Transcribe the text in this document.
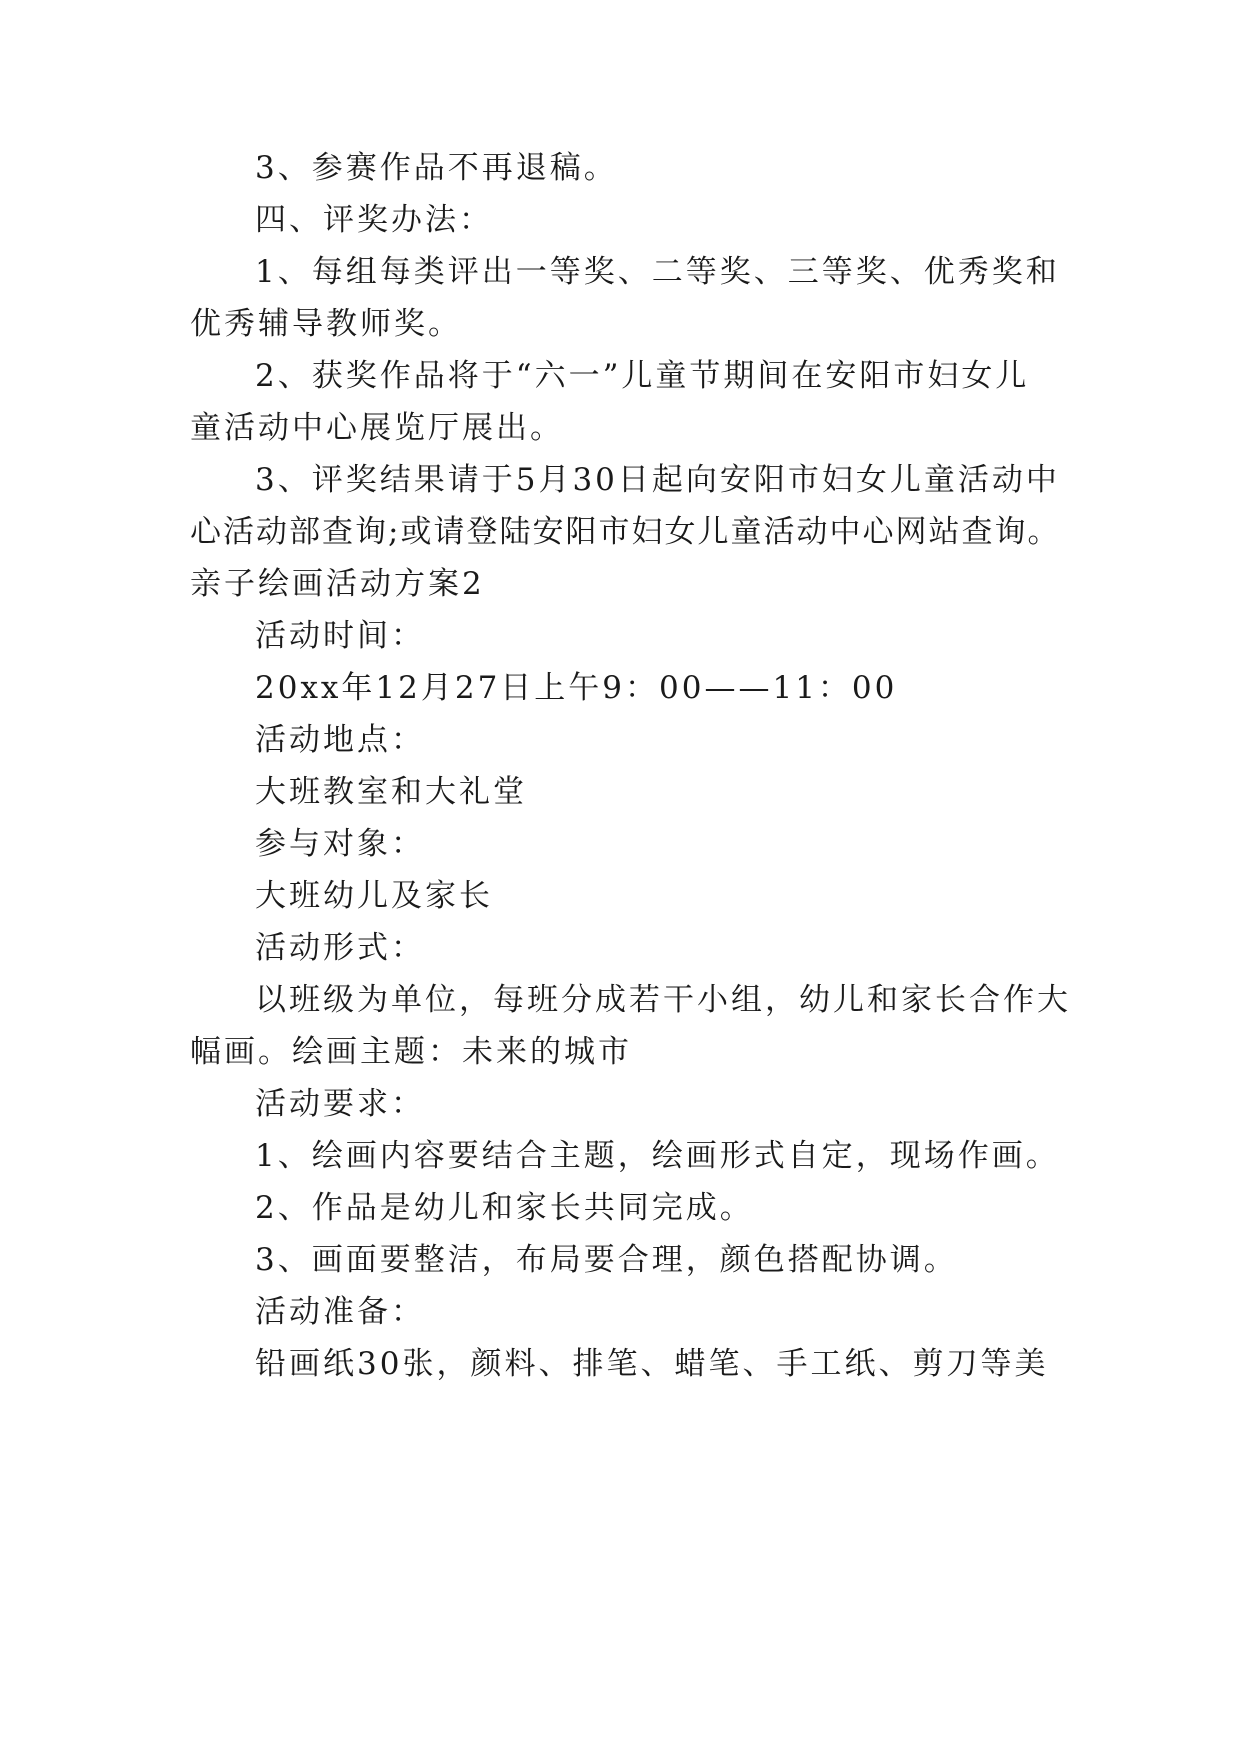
3、参赛作品不再退稿。
四、评奖办法：
1、每组每类评出一等奖、二等奖、三等奖、优秀奖和
优秀辅导教师奖。
2、获奖作品将于“六一”儿童节期间在安阳市妇女儿
童活动中心展览厅展出。
3、评奖结果请于5月30日起向安阳市妇女儿童活动中
心活动部查询;或请登陆安阳市妇女儿童活动中心网站查询。
亲子绘画活动方案2
活动时间：
20xx年12月27日上午9：00——11：00
活动地点：
大班教室和大礼堂
参与对象：
大班幼儿及家长
活动形式：
以班级为单位，每班分成若干小组，幼儿和家长合作大
幅画。绘画主题：未来的城市
活动要求：
1、绘画内容要结合主题，绘画形式自定，现场作画。
2、作品是幼儿和家长共同完成。
3、画面要整洁，布局要合理，颜色搭配协调。
活动准备：
铅画纸30张，颜料、排笔、蜡笔、手工纸、剪刀等美
